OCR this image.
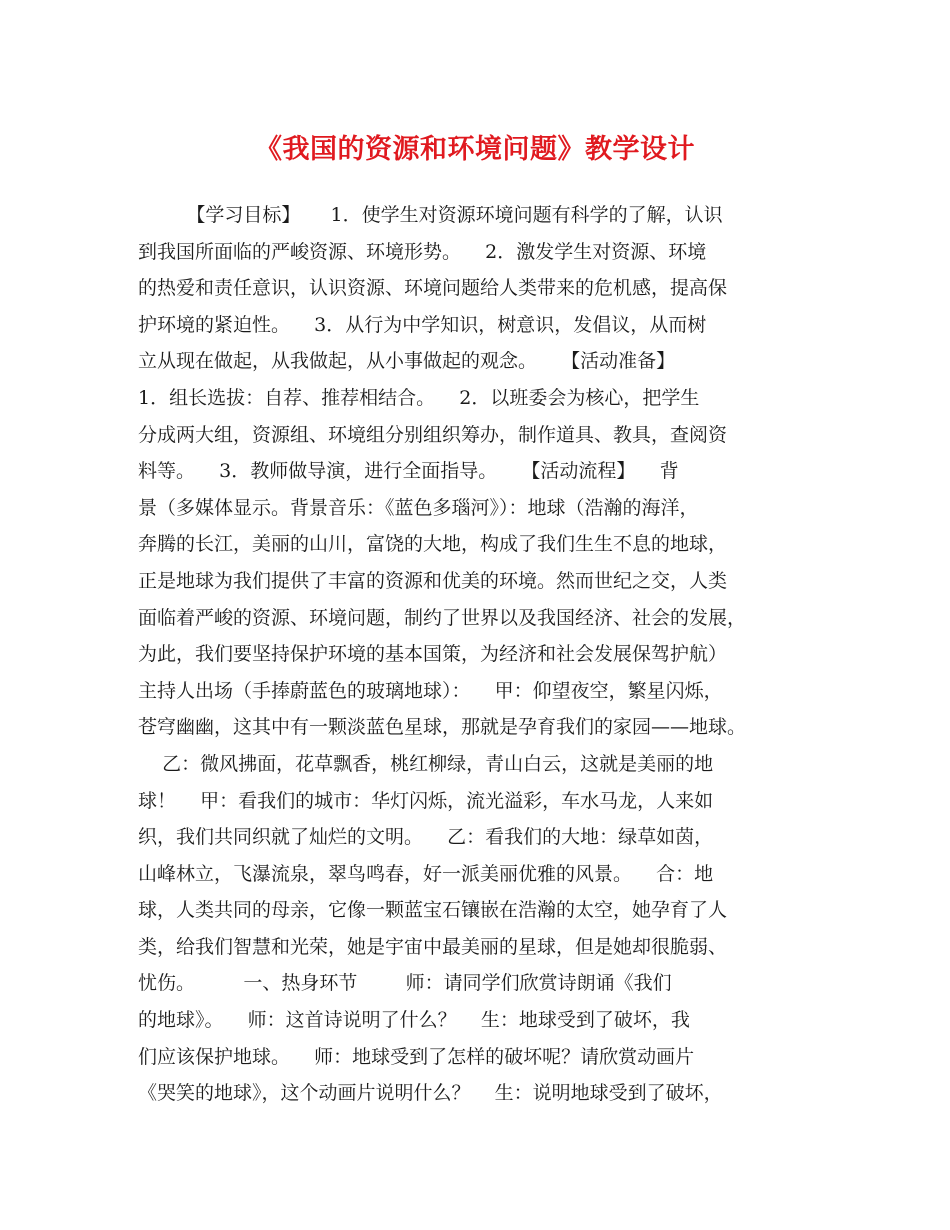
《我国的资源和环境问题》教学设计
【学习目标】     1．使学生对资源环境问题有科学的了解，认识
到我国所面临的严峻资源、环境形势。    2．激发学生对资源、环境
的热爱和责任意识，认识资源、环境问题给人类带来的危机感，提高保
护环境的紧迫性。    3．从行为中学知识，树意识，发倡议，从而树
立从现在做起，从我做起，从小事做起的观念。    【活动准备】
1．组长选拔：自荐、推荐相结合。    2．以班委会为核心，把学生
分成两大组，资源组、环境组分别组织筹办，制作道具、教具，查阅资
料等。    3．教师做导演，进行全面指导。    【活动流程】    背
景（多媒体显示。背景音乐：《蓝色多瑙河》）：地球（浩瀚的海洋，
奔腾的长江，美丽的山川，富饶的大地，构成了我们生生不息的地球，
正是地球为我们提供了丰富的资源和优美的环境。然而世纪之交，人类
面临着严峻的资源、环境问题，制约了世界以及我国经济、社会的发展，
为此，我们要坚持保护环境的基本国策，为经济和社会发展保驾护航）
主持人出场（手捧蔚蓝色的玻璃地球）：    甲：仰望夜空，繁星闪烁，
苍穹幽幽，这其中有一颗淡蓝色星球，那就是孕育我们的家园——地球。
乙：微风拂面，花草飘香，桃红柳绿，青山白云，这就是美丽的地
球！    甲：看我们的城市：华灯闪烁，流光溢彩，车水马龙，人来如
织，我们共同织就了灿烂的文明。    乙：看我们的大地：绿草如茵，
山峰林立，飞瀑流泉，翠鸟鸣春，好一派美丽优雅的风景。    合：地
球，人类共同的母亲，它像一颗蓝宝石镶嵌在浩瀚的太空，她孕育了人
类，给我们智慧和光荣，她是宇宙中最美丽的星球，但是她却很脆弱、
忧伤。        一、热身环节        师：请同学们欣赏诗朗诵《我们
的地球》。    师：这首诗说明了什么？    生：地球受到了破坏，我
们应该保护地球。    师：地球受到了怎样的破坏呢？请欣赏动画片
《哭笑的地球》，这个动画片说明什么？    生：说明地球受到了破坏，
